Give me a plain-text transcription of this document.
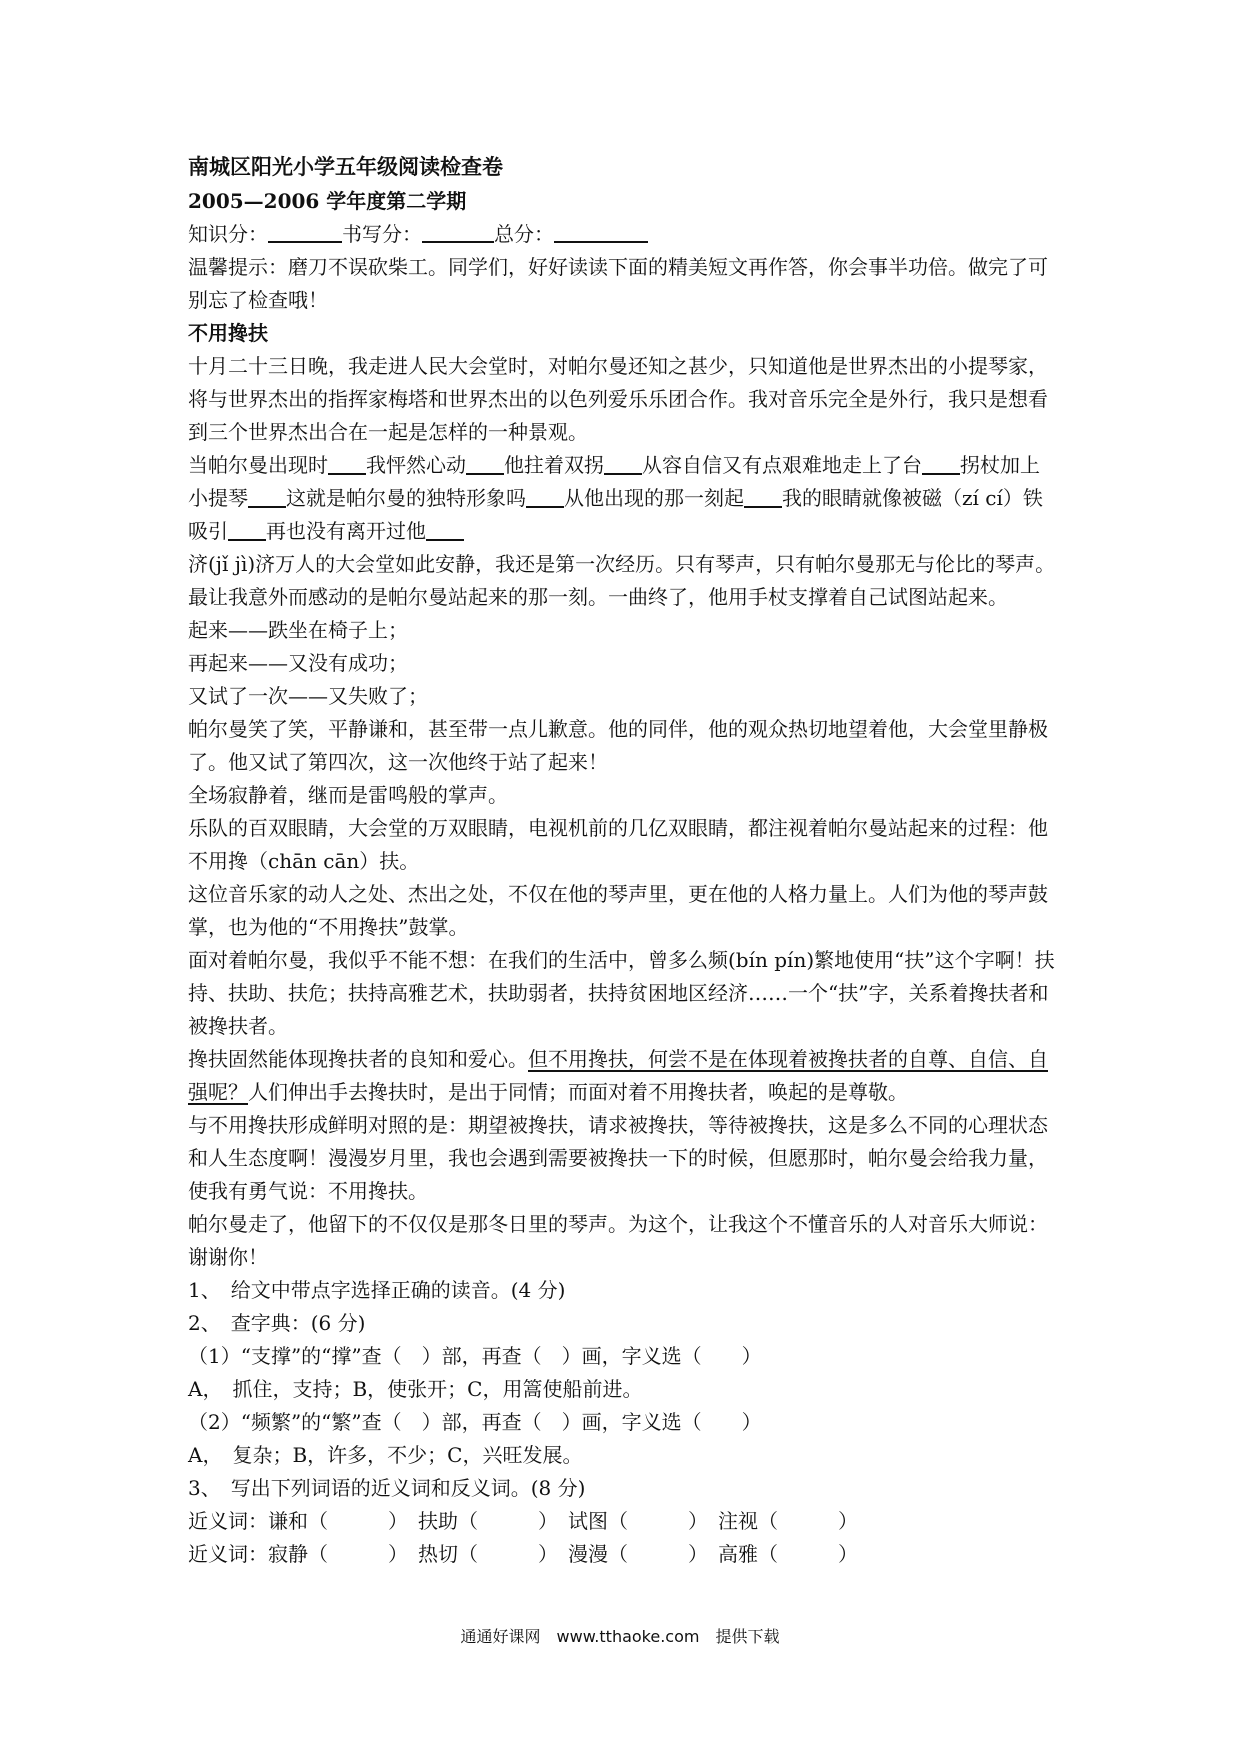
南城区阳光小学五年级阅读检查卷

2005—2006 学年度第二学期

知识分：	书写分：	总分：

温馨提示：磨刀不误砍柴工。同学们，好好读读下面的精美短文再作答，你会事半功倍。做完了可别忘了检查哦！

不用搀扶

十月二十三日晚，我走进人民大会堂时，对帕尔曼还知之甚少，只知道他是世界杰出的小提琴家，将与世界杰出的指挥家梅塔和世界杰出的以色列爱乐乐团合作。我对音乐完全是外行，我只是想看到三个世界杰出合在一起是怎样的一种景观。

当帕尔曼出现时 我怦然心动 他拄着双拐 从容自信又有点艰难地走上了台 拐杖加上小提琴 这就是帕尔曼的独特形象吗 从他出现的那一刻起 我的眼睛就像被磁（zí cí）铁吸引 再也没有离开过他

济(jǐ jì)济万人的大会堂如此安静，我还是第一次经历。只有琴声，只有帕尔曼那无与伦比的琴声。

最让我意外而感动的是帕尔曼站起来的那一刻。一曲终了，他用手杖支撑着自己试图站起来。

起来——跌坐在椅子上；

再起来——又没有成功；

又试了一次——又失败了；

帕尔曼笑了笑，平静谦和，甚至带一点儿歉意。他的同伴，他的观众热切地望着他，大会堂里静极了。他又试了第四次，这一次他终于站了起来！

全场寂静着，继而是雷鸣般的掌声。

乐队的百双眼睛，大会堂的万双眼睛，电视机前的几亿双眼睛，都注视着帕尔曼站起来的过程：他不用搀（chān cān）扶。

这位音乐家的动人之处、杰出之处，不仅在他的琴声里，更在他的人格力量上。人们为他的琴声鼓掌，也为他的“不用搀扶”鼓掌。

面对着帕尔曼，我似乎不能不想：在我们的生活中，曾多么频(bín pín)繁地使用“扶”这个字啊！扶持、扶助、扶危；扶持高雅艺术，扶助弱者，扶持贫困地区经济……一个“扶”字，关系着搀扶者和被搀扶者。

搀扶固然能体现搀扶者的良知和爱心。但不用搀扶，何尝不是在体现着被搀扶者的自尊、自信、自强呢？人们伸出手去搀扶时，是出于同情；而面对着不用搀扶者，唤起的是尊敬。

与不用搀扶形成鲜明对照的是：期望被搀扶，请求被搀扶，等待被搀扶，这是多么不同的心理状态和人生态度啊！漫漫岁月里，我也会遇到需要被搀扶一下的时候，但愿那时，帕尔曼会给我力量，使我有勇气说：不用搀扶。

帕尔曼走了，他留下的不仅仅是那冬日里的琴声。为这个，让我这个不懂音乐的人对音乐大师说：谢谢你！

1、　给文中带点字选择正确的读音。(4 分)

2、　查字典：(6 分)

（1）“支撑”的“撑”查（　）部，再查（　）画，字义选（　　）

A，　抓住，支持；B，使张开；C，用篙使船前进。

（2）“频繁”的“繁”查（　）部，再查（　）画，字义选（　　）

A，　复杂；B，许多，不少；C，兴旺发展。

3、　写出下列词语的近义词和反义词。(8 分)

近义词：谦和（　　　）　扶助（　　　）　试图（　　　）　注视（　　　）

近义词：寂静（　　　）　热切（　　　）　漫漫（　　　）　高雅（　　　）

通通好课网　www.tthaoke.com　提供下载
